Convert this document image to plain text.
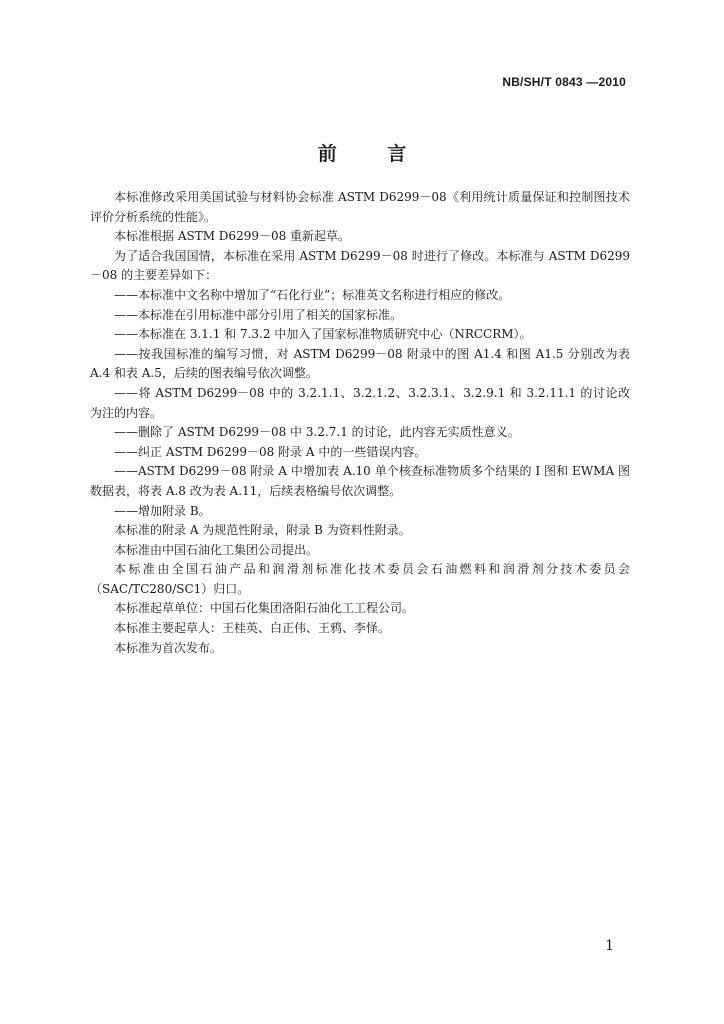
NB/SH/T 0843 —2010
前 言

本标准修改采用美国试验与材料协会标准 ASTM D6299－08《利用统计质量保证和控制图技术评价分析系统的性能》。

本标准根据 ASTM D6299－08 重新起草。

为了适合我国国情，本标准在采用 ASTM D6299－08 时进行了修改。本标准与 ASTM D6299－08 的主要差异如下：

——本标准中文名称中增加了“石化行业”；标准英文名称进行相应的修改。

——本标准在引用标准中部分引用了相关的国家标准。

——本标准在 3.1.1 和 7.3.2 中加入了国家标准物质研究中心（NRCCRM）。

——按我国标准的编写习惯，对 ASTM D6299－08 附录中的图 A1.4 和图 A1.5 分别改为表 A.4 和表 A.5，后续的图表编号依次调整。

——将 ASTM D6299－08 中的 3.2.1.1、3.2.1.2、3.2.3.1、3.2.9.1 和 3.2.11.1 的讨论改为注的内容。

——删除了 ASTM D6299－08 中 3.2.7.1 的讨论，此内容无实质性意义。

——纠正 ASTM D6299－08 附录 A 中的一些错误内容。

——ASTM D6299－08 附录 A 中增加表 A.10 单个核查标准物质多个结果的 I 图和 EWMA 图数据表，将表 A.8 改为表 A.11，后续表格编号依次调整。

——增加附录 B。

本标准的附录 A 为规范性附录，附录 B 为资料性附录。

本标准由中国石油化工集团公司提出。

本标准由全国石油产品和润滑剂标准化技术委员会石油燃料和润滑剂分技术委员会（SAC/TC280/SC1）归口。

本标准起草单位：中国石化集团洛阳石油化工工程公司。

本标准主要起草人：王桂英、白正伟、王鸦、李怿。

本标准为首次发布。

1
